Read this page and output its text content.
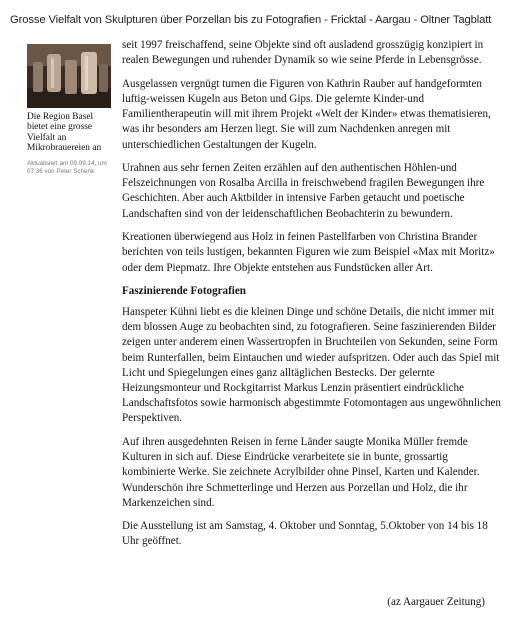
Grosse Vielfalt von Skulpturen über Porzellan bis zu Fotografien - Fricktal - Aargau - Oltner Tagblatt
Die Region Basel bietet eine grosse Vielfalt an Mikrobrauereien an
Aktualisiert am 09.09.14, um 07:36 von Peter Schenk

seit 1997 freischaffend, seine Objekte sind oft ausladend grosszügig konzipiert in realen Bewegungen und ruhender Dynamik so wie seine Pferde in Lebensgrösse.

Ausgelassen vergnügt turnen die Figuren von Kathrin Rauber auf handgeformten luftig-weissen Kugeln aus Beton und Gips. Die gelernte Kinder-und Familientherapeutin will mit ihrem Projekt «Welt der Kinder» etwas thematisieren, was ihr besonders am Herzen liegt. Sie will zum Nachdenken anregen mit unterschiedlichen Gestaltungen der Kugeln.

Urahnen aus sehr fernen Zeiten erzählen auf den authentischen Höhlen-und Felszeichnungen von Rosalba Arcilla in freischwebend fragilen Bewegungen ihre Geschichten. Aber auch Aktbilder in intensive Farben getaucht und poetische Landschaften sind von der leidenschaftlichen Beobachterin zu bewundern.

Kreationen überwiegend aus Holz in feinen Pastellfarben von Christina Brander berichten von teils lustigen, bekannten Figuren wie zum Beispiel «Max mit Moritz» oder dem Piepmatz. Ihre Objekte entstehen aus Fundstücken aller Art.

Faszinierende Fotografien

Hanspeter Kühni liebt es die kleinen Dinge und schöne Details, die nicht immer mit dem blossen Auge zu beobachten sind, zu fotografieren. Seine faszinierenden Bilder zeigen unter anderem einen Wassertropfen in Bruchteilen von Sekunden, seine Form beim Runterfallen, beim Eintauchen und wieder aufspritzen. Oder auch das Spiel mit Licht und Spiegelungen eines ganz alltäglichen Bestecks. Der gelernte Heizungsmonteur und Rockgitarrist Markus Lenzin präsentiert eindrückliche Landschaftsfotos sowie harmonisch abgestimmte Fotomontagen aus ungewöhnlichen Perspektiven.

Auf ihren ausgedehnten Reisen in ferne Länder saugte Monika Müller fremde Kulturen in sich auf. Diese Eindrücke verarbeitete sie in bunte, grossartig kombinierte Werke. Sie zeichnete Acrylbilder ohne Pinsel, Karten und Kalender. Wunderschön ihre Schmetterlinge und Herzen aus Porzellan und Holz, die ihr Markenzeichen sind.

Die Ausstellung ist am Samstag, 4. Oktober und Sonntag, 5.Oktober von 14 bis 18 Uhr geöffnet.

(az Aargauer Zeitung)
